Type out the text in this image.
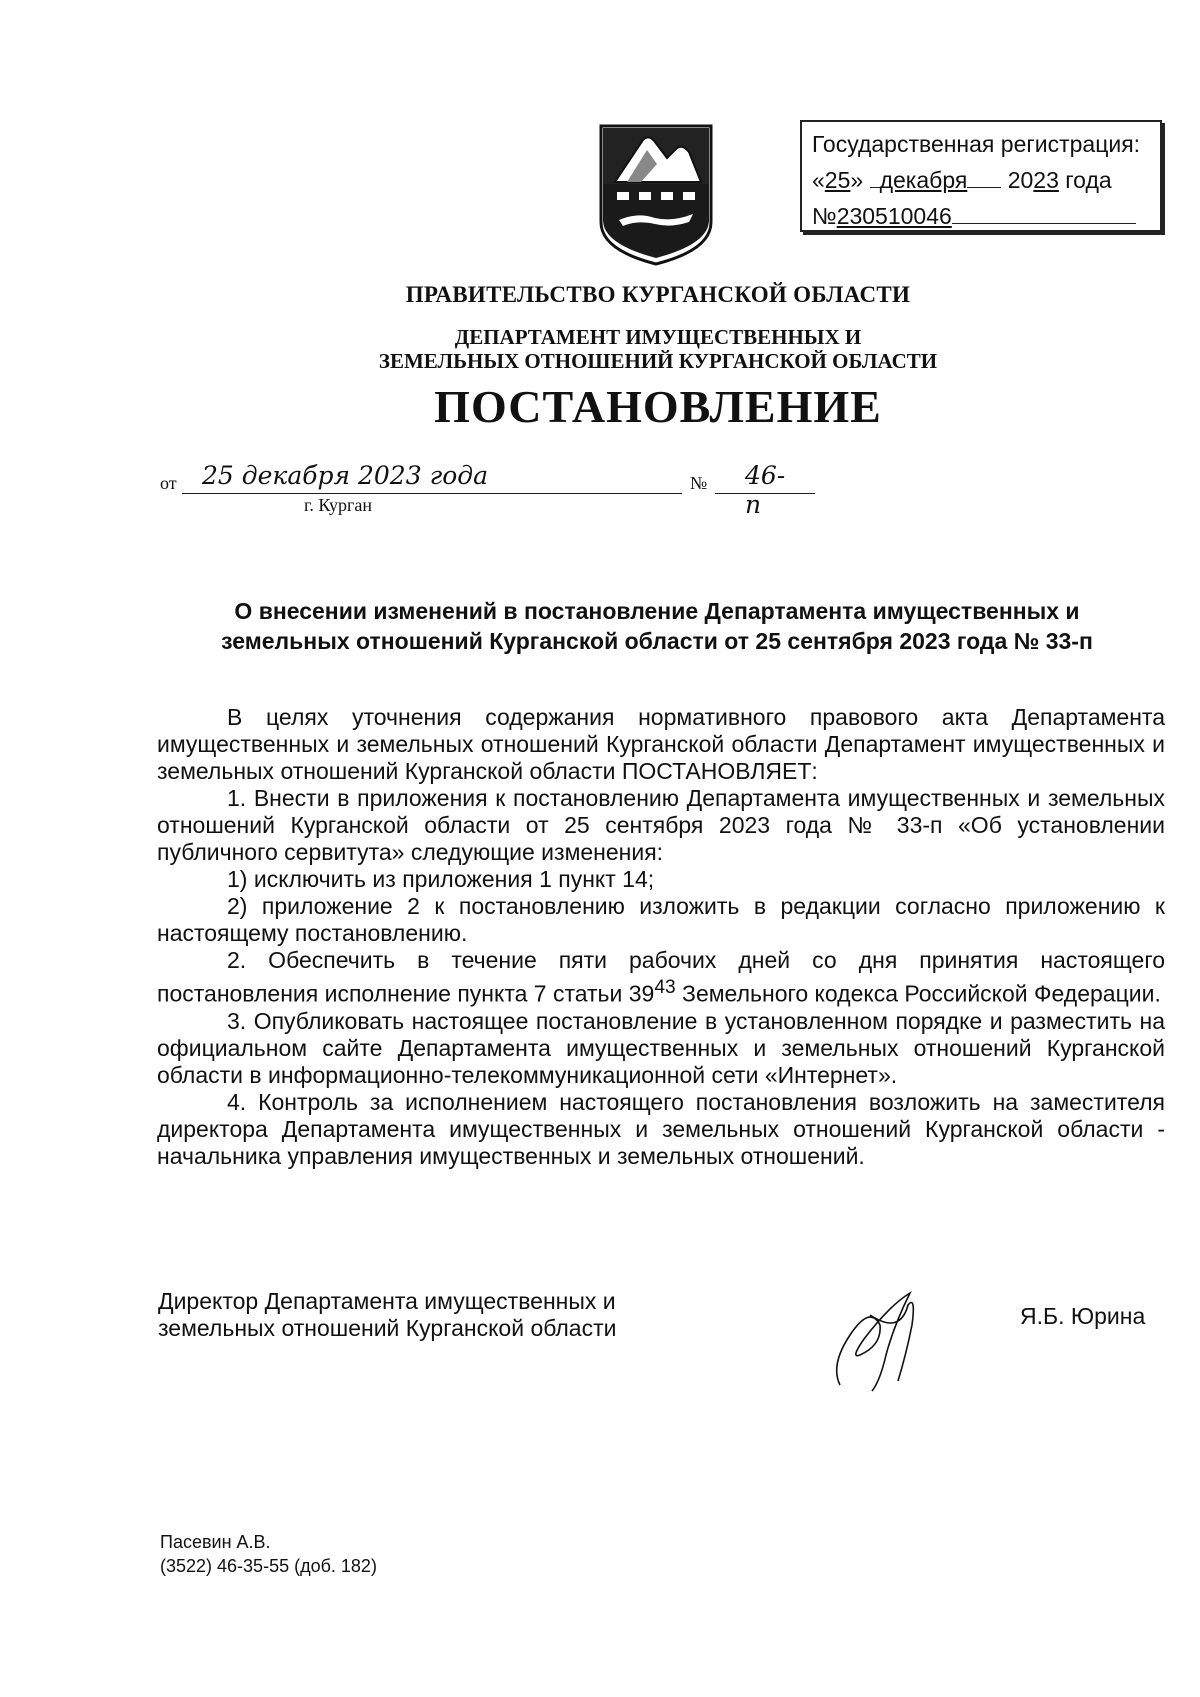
Государственная регистрация:
«25» декабря 2023 года
№230510046
ПРАВИТЕЛЬСТВО КУРГАНСКОЙ ОБЛАСТИ
ДЕПАРТАМЕНТ ИМУЩЕСТВЕННЫХ И
ЗЕМЕЛЬНЫХ ОТНОШЕНИЙ КУРГАНСКОЙ ОБЛАСТИ
ПОСТАНОВЛЕНИЕ
от 25 декабря 2023 года	№ 46-п
г. Курган
О внесении изменений в постановление Департамента имущественных и
земельных отношений Курганской области от 25 сентября 2023 года № 33-п

В целях уточнения содержания нормативного правового акта Департамента имущественных и земельных отношений Курганской области Департамент имущественных и земельных отношений Курганской области ПОСТАНОВЛЯЕТ:

1. Внести в приложения к постановлению Департамента имущественных и земельных отношений Курганской области от 25 сентября 2023 года № 33-п «Об установлении публичного сервитута» следующие изменения:

1) исключить из приложения 1 пункт 14;

2) приложение 2 к постановлению изложить в редакции согласно приложению к настоящему постановлению.

2. Обеспечить в течение пяти рабочих дней со дня принятия настоящего постановления исполнение пункта 7 статьи $39^{43}$ Земельного кодекса Российской Федерации.

3. Опубликовать настоящее постановление в установленном порядке и разместить на официальном сайте Департамента имущественных и земельных отношений Курганской области в информационно-телекоммуникационной сети «Интернет».

4. Контроль за исполнением настоящего постановления возложить на заместителя директора Департамента имущественных и земельных отношений Курганской области - начальника управления имущественных и земельных отношений.

Директор Департамента имущественных и
земельных отношений Курганской области	Я.Б. Юрина
Пасевин А.В.
(3522) 46-35-55 (доб. 182)
